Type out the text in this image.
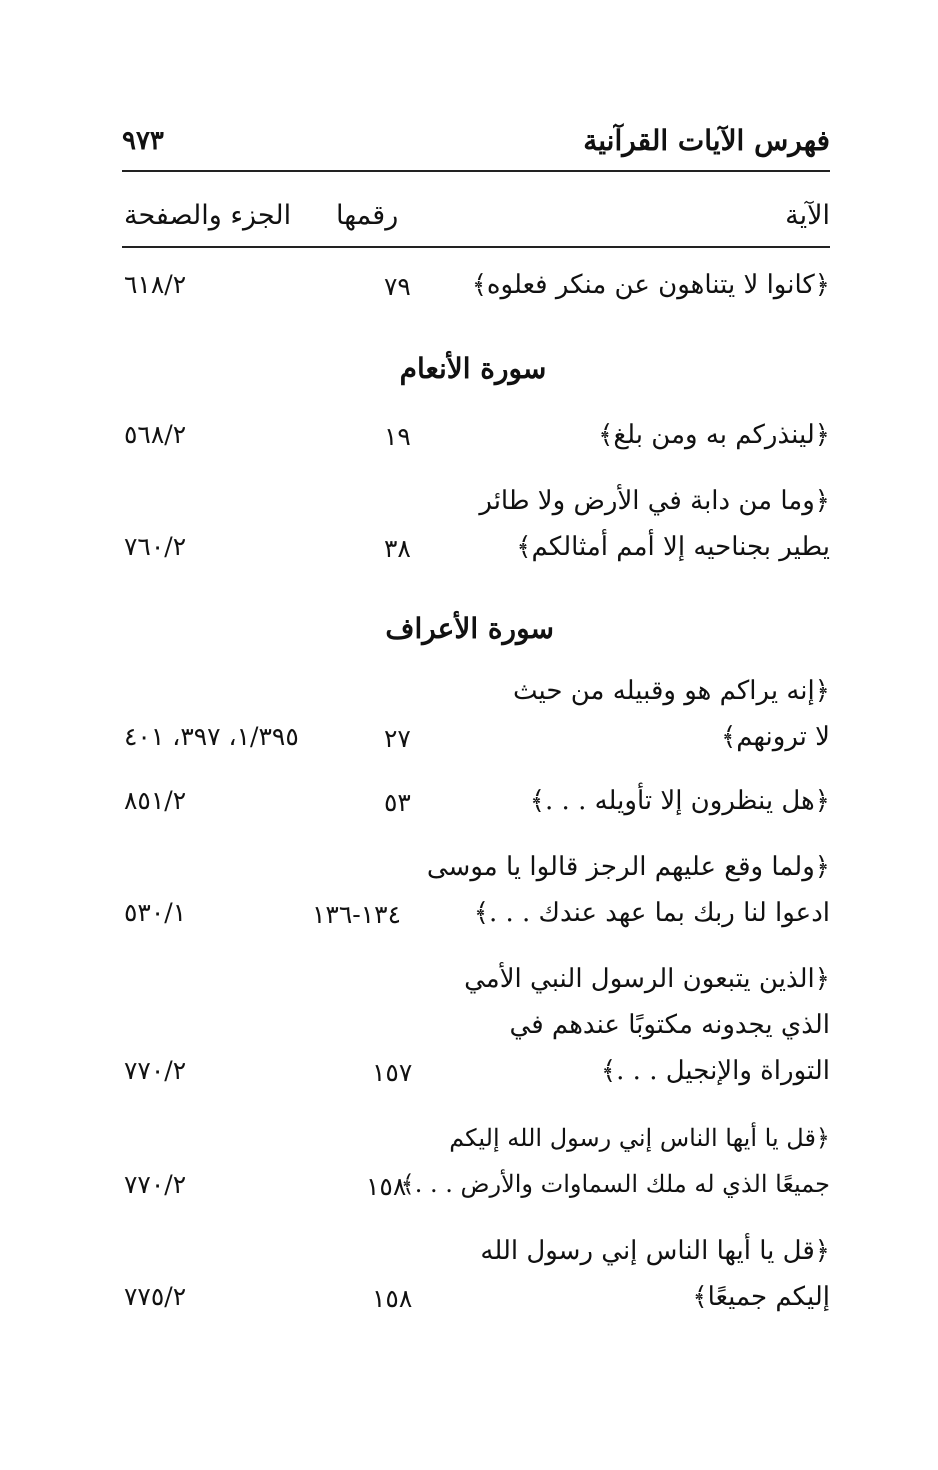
فهرس الآيات القرآنية
٩٧٣
الآية
رقمها
الجزء والصفحة
﴿كانوا لا يتناهون عن منكر فعلوه﴾
٧٩
٦١٨/٢
سورة الأنعام
﴿لينذركم به ومن بلغ﴾
١٩
٥٦٨/٢
﴿وما من دابة في الأرض ولا طائر
يطير بجناحيه إلا أمم أمثالكم﴾
٣٨
٧٦٠/٢
سورة الأعراف
﴿إنه يراكم هو وقبيله من حيث
لا ترونهم﴾
٢٧
١/٣٩٥، ٣٩٧، ٤٠١
﴿هل ينظرون إلا تأويله . . .﴾
٥٣
٨٥١/٢
﴿ولما وقع عليهم الرجز قالوا يا موسى
ادعوا لنا ربك بما عهد عندك . . .﴾
١٣٤-١٣٦
٥٣٠/١
﴿الذين يتبعون الرسول النبي الأمي
الذي يجدونه مكتوبًا عندهم في
التوراة والإنجيل . . .﴾
١٥٧
٧٧٠/٢
﴿قل يا أيها الناس إني رسول الله إليكم
جميعًا الذي له ملك السماوات والأرض . . .﴾
١٥٨
٧٧٠/٢
﴿قل يا أيها الناس إني رسول الله
إليكم جميعًا﴾
١٥٨
٧٧٥/٢
